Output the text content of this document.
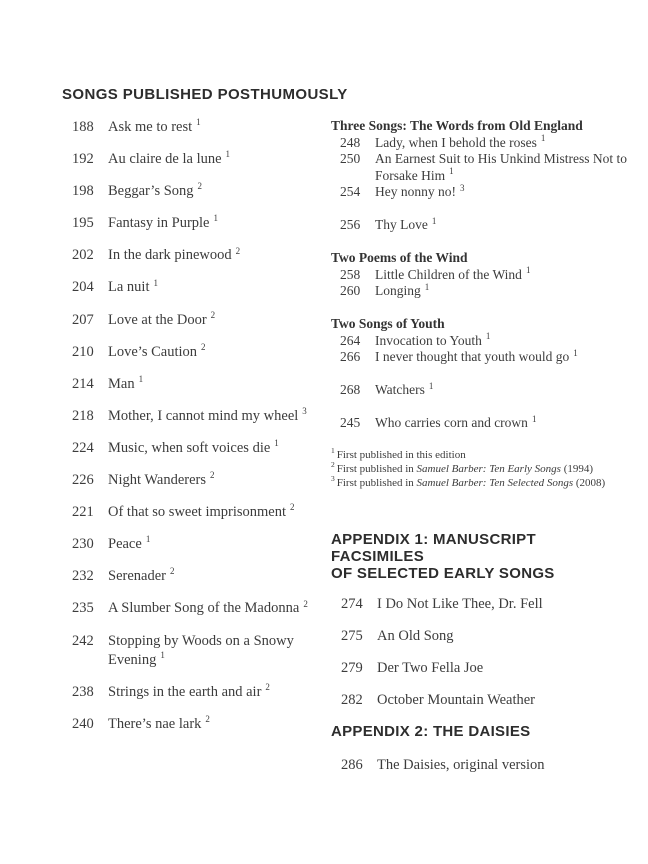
SONGS PUBLISHED POSTHUMOUSLY
188 Ask me to rest $^1$
192 Au claire de la lune $^1$
198 Beggar’s Song $^2$
195 Fantasy in Purple $^1$
202 In the dark pinewood $^2$
204 La nuit $^1$
207 Love at the Door $^2$
210 Love’s Caution $^2$
214 Man $^1$
218 Mother, I cannot mind my wheel $^3$
224 Music, when soft voices die $^1$
226 Night Wanderers $^2$
221 Of that so sweet imprisonment $^2$
230 Peace $^1$
232 Serenader $^2$
235 A Slumber Song of the Madonna $^2$
242 Stopping by Woods on a Snowy Evening $^1$
238 Strings in the earth and air $^2$
240 There’s nae lark $^2$
Three Songs: The Words from Old England
248	Lady, when I behold the roses $^1$
250	An Earnest Suit to His Unkind Mistress Not to Forsake Him $^1$
254	Hey nonny no! $^3$
256	Thy Love $^1$
Two Poems of the Wind
258	Little Children of the Wind $^1$
260	Longing $^1$
Two Songs of Youth
264	Invocation to Youth $^1$
266	I never thought that youth would go $^1$
268	Watchers $^1$
245	Who carries corn and crown $^1$
$^1$ First published in this edition
$^2$ First published in Samuel Barber: Ten Early Songs (1994)
$^3$ First published in Samuel Barber: Ten Selected Songs (2008)
APPENDIX 1: MANUSCRIPT FACSIMILES
OF SELECTED EARLY SONGS
274 I Do Not Like Thee, Dr. Fell
275 An Old Song
279 Der Two Fella Joe
282 October Mountain Weather
APPENDIX 2: THE DAISIES
286 The Daisies, original version
